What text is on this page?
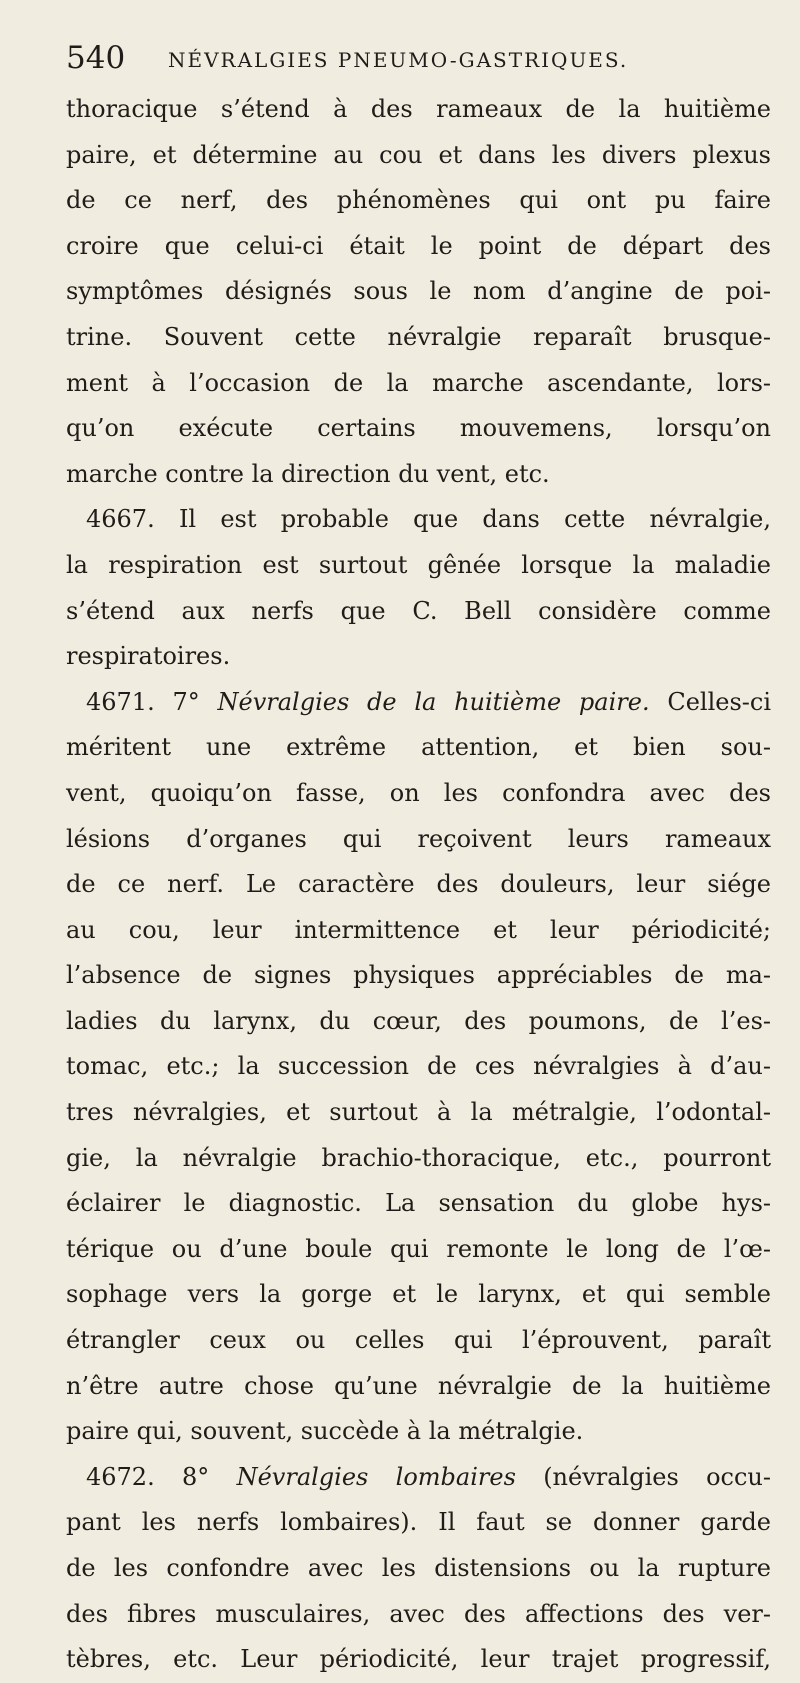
540 NÉVRALGIES PNEUMO-GASTRIQUES.
thoracique s’étend à des rameaux de la huitième
paire, et détermine au cou et dans les divers plexus
de ce nerf, des phénomènes qui ont pu faire
croire que celui-ci était le point de départ des
symptômes désignés sous le nom d’angine de poi-
trine. Souvent cette névralgie reparaît brusque-
ment à l’occasion de la marche ascendante, lors-
qu’on exécute certains mouvemens, lorsqu’on
marche contre la direction du vent, etc.
4667. Il est probable que dans cette névralgie,
la respiration est surtout gênée lorsque la maladie
s’étend aux nerfs que C. Bell considère comme
respiratoires.
4671. 7° Névralgies de la huitième paire. Celles-ci
méritent une extrême attention, et bien sou-
vent, quoiqu’on fasse, on les confondra avec des
lésions d’organes qui reçoivent leurs rameaux
de ce nerf. Le caractère des douleurs, leur siége
au cou, leur intermittence et leur périodicité;
l’absence de signes physiques appréciables de ma-
ladies du larynx, du cœur, des poumons, de l’es-
tomac, etc.; la succession de ces névralgies à d’au-
tres névralgies, et surtout à la métralgie, l’odontal-
gie, la névralgie brachio-thoracique, etc., pourront
éclairer le diagnostic. La sensation du globe hys-
térique ou d’une boule qui remonte le long de l’œ-
sophage vers la gorge et le larynx, et qui semble
étrangler ceux ou celles qui l’éprouvent, paraît
n’être autre chose qu’une névralgie de la huitième
paire qui, souvent, succède à la métralgie.
4672. 8° Névralgies lombaires (névralgies occu-
pant les nerfs lombaires). Il faut se donner garde
de les confondre avec les distensions ou la rupture
des fibres musculaires, avec des affections des ver-
tèbres, etc. Leur périodicité, leur trajet progressif,
